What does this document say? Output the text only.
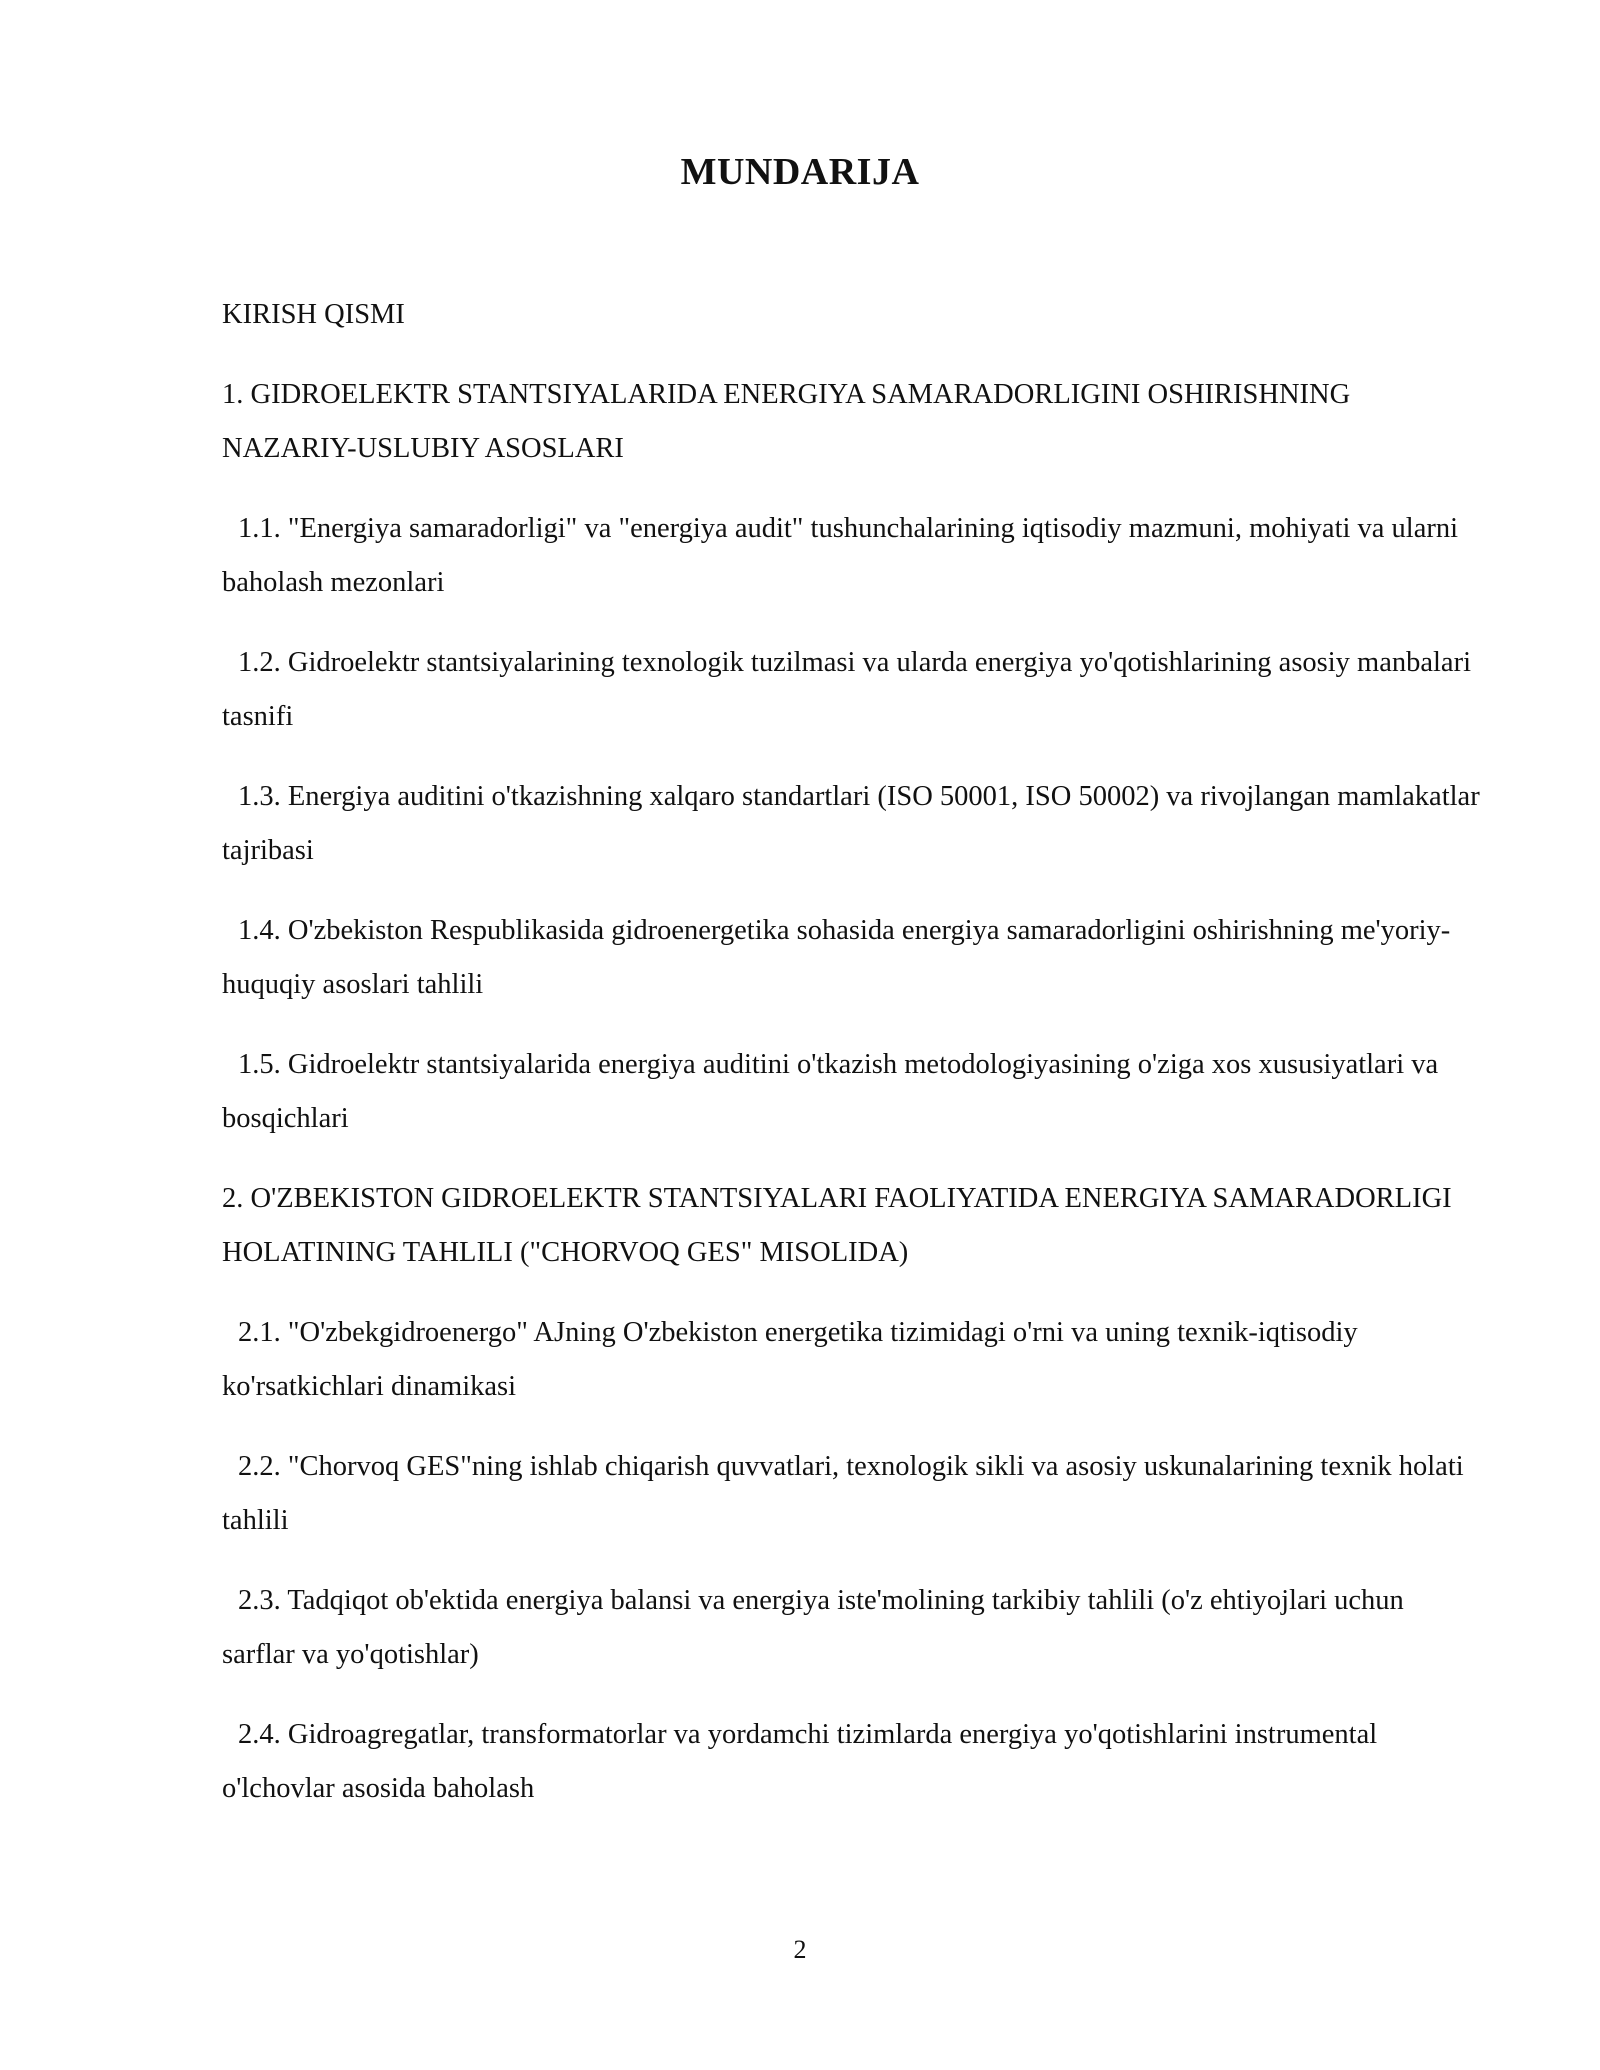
MUNDARIJA

KIRISH QISMI

1. GIDROELEKTR STANTSIYALARIDA ENERGIYA SAMARADORLIGINI OSHIRISHNING NAZARIY-USLUBIY ASOSLARI

1.1. "Energiya samaradorligi" va "energiya audit" tushunchalarining iqtisodiy mazmuni, mohiyati va ularni baholash mezonlari

1.2. Gidroelektr stantsiyalarining texnologik tuzilmasi va ularda energiya yo'qotishlarining asosiy manbalari tasnifi

1.3. Energiya auditini o'tkazishning xalqaro standartlari (ISO 50001, ISO 50002) va rivojlangan mamlakatlar tajribasi

1.4. O'zbekiston Respublikasida gidroenergetika sohasida energiya samaradorligini oshirishning me'yoriy-huquqiy asoslari tahlili

1.5. Gidroelektr stantsiyalarida energiya auditini o'tkazish metodologiyasining o'ziga xos xususiyatlari va bosqichlari

2. O'ZBEKISTON GIDROELEKTR STANTSIYALARI FAOLIYATIDA ENERGIYA SAMARADORLIGI HOLATINING TAHLILI ("CHORVOQ GES" MISOLIDA)

2.1. "O'zbekgidroenergo" AJning O'zbekiston energetika tizimidagi o'rni va uning texnik-iqtisodiy ko'rsatkichlari dinamikasi

2.2. "Chorvoq GES"ning ishlab chiqarish quvvatlari, texnologik sikli va asosiy uskunalarining texnik holati tahlili

2.3. Tadqiqot ob'ektida energiya balansi va energiya iste'molining tarkibiy tahlili (o'z ehtiyojlari uchun sarflar va yo'qotishlar)

2.4. Gidroagregatlar, transformatorlar va yordamchi tizimlarda energiya yo'qotishlarini instrumental o'lchovlar asosida baholash

2
